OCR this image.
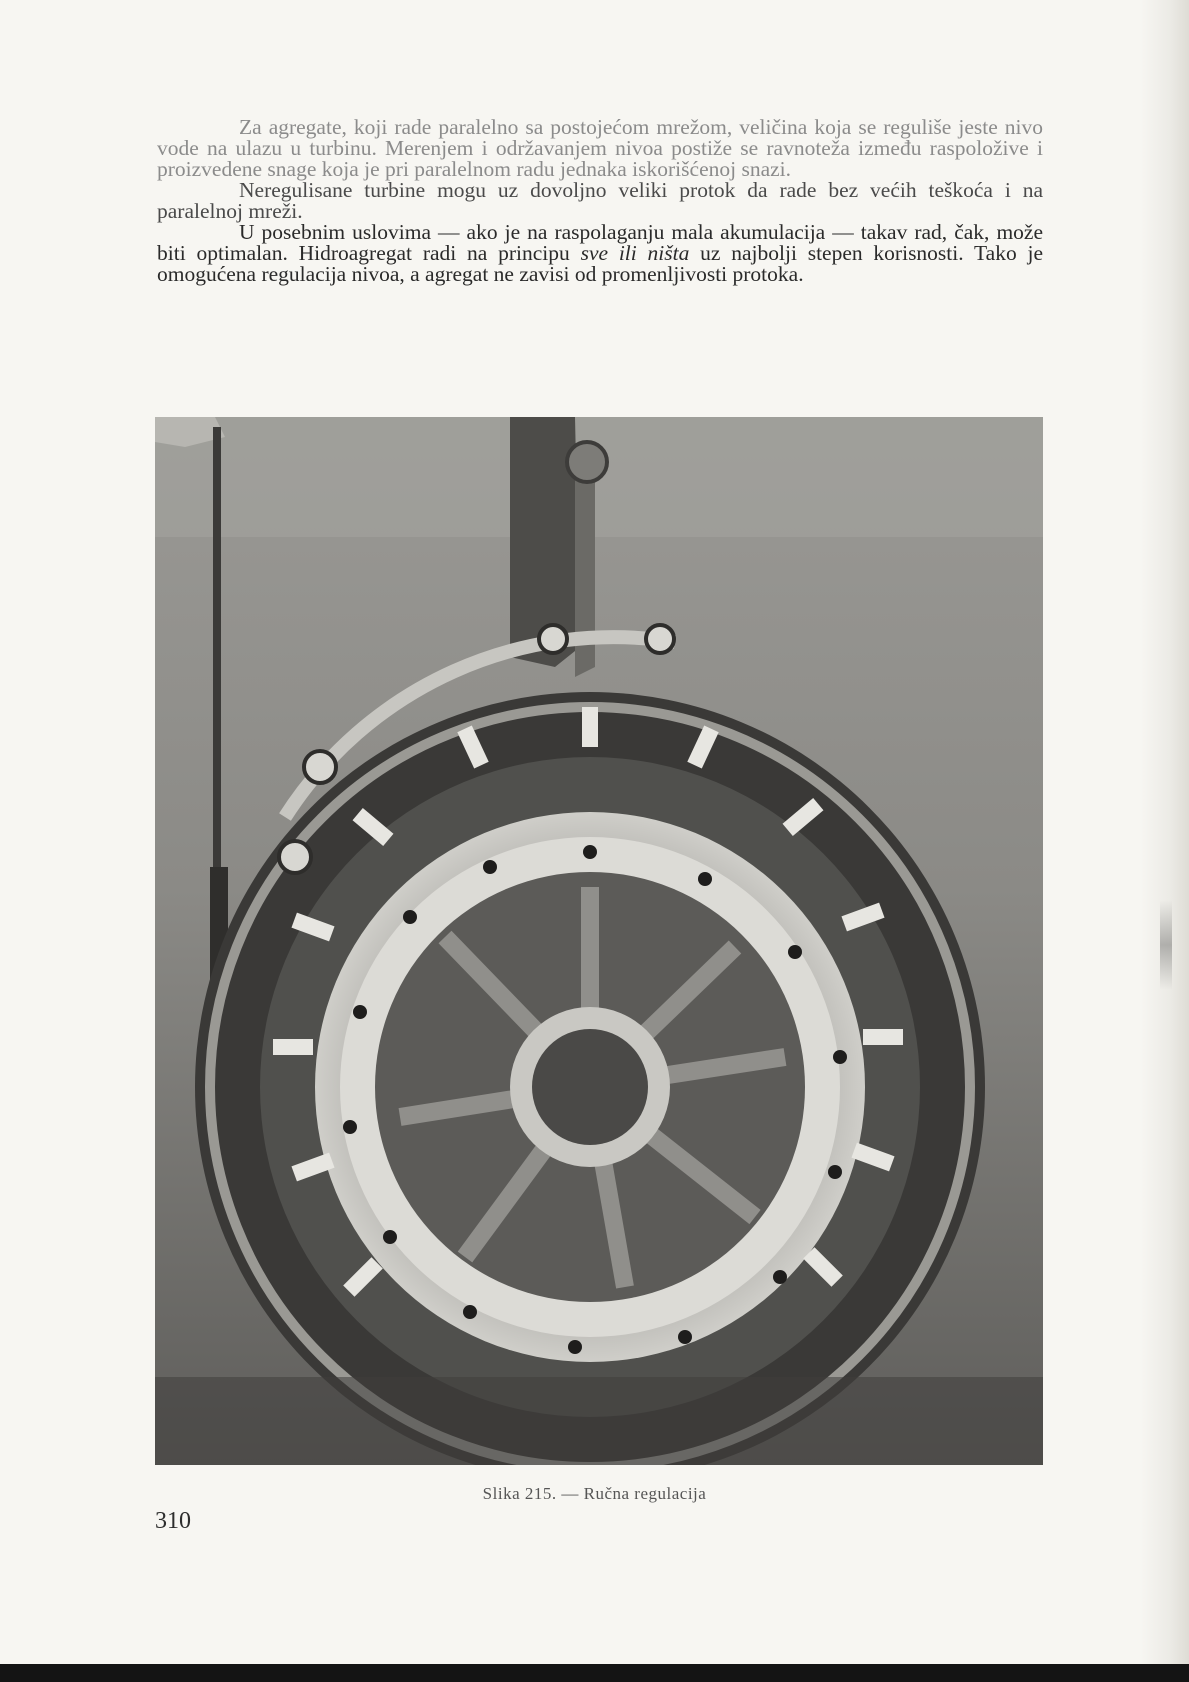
Za agregate, koji rade paralelno sa postojećom mrežom, veličina koja se reguliše jeste nivo vode na ulazu u turbinu. Merenjem i održavanjem nivoa postiže se ravnoteža između raspoložive i proizvedene snage koja je pri paralelnom radu jednaka iskorišćenoj snazi.

Neregulisane turbine mogu uz dovoljno veliki protok da rade bez većih teškoća i na paralelnoj mreži.

U posebnim uslovima — ako je na raspolaganju mala akumulacija — takav rad, čak, može biti optimalan. Hidroagregat radi na principu sve ili ništa uz najbolji stepen korisnosti. Tako je omogućena regulacija nivoa, a agregat ne zavisi od promenljivosti protoka.

Slika 215. — Ručna regulacija
310
